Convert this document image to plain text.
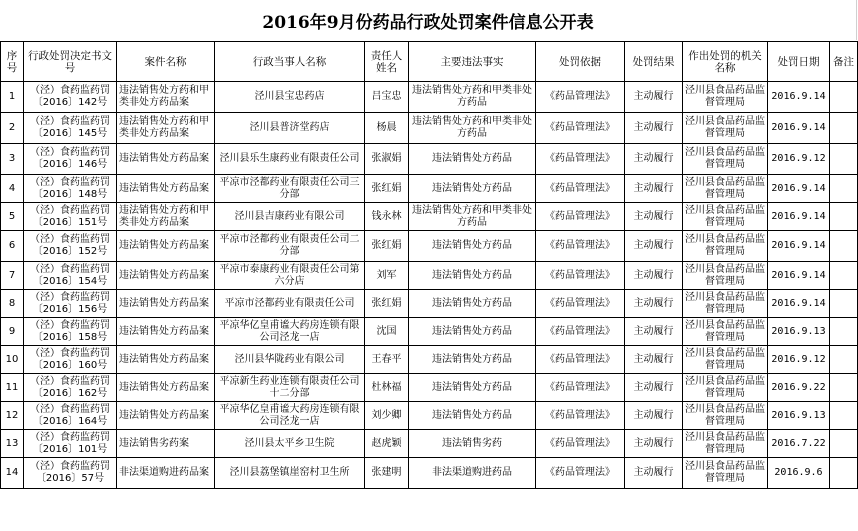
2016年9月份药品行政处罚案件信息公开表
序号	行政处罚决定书文号	案件名称	行政当事人名称	责任人姓名	主要违法事实	处罚依据	处罚结果	作出处罚的机关名称	处罚日期	备注
1	（泾）食药监药罚〔2016〕142号	违法销售处方药和甲类非处方药品案	泾川县宝忠药店	吕宝忠	违法销售处方药和甲类非处方药品	《药品管理法》	主动履行	泾川县食品药品监督管理局	2016.9.14	
2	（泾）食药监药罚〔2016〕145号	违法销售处方药和甲类非处方药品案	泾川县普济堂药店	杨晨	违法销售处方药和甲类非处方药品	《药品管理法》	主动履行	泾川县食品药品监督管理局	2016.9.14	
3	（泾）食药监药罚〔2016〕146号	违法销售处方药品案	泾川县乐生康药业有限责任公司	张淑娟	违法销售处方药品	《药品管理法》	主动履行	泾川县食品药品监督管理局	2016.9.12	
4	（泾）食药监药罚〔2016〕148号	违法销售处方药品案	平凉市泾都药业有限责任公司三分部	张红娟	违法销售处方药品	《药品管理法》	主动履行	泾川县食品药品监督管理局	2016.9.14	
5	（泾）食药监药罚〔2016〕151号	违法销售处方药和甲类非处方药品案	泾川县吉康药业有限公司	钱永林	违法销售处方药和甲类非处方药品	《药品管理法》	主动履行	泾川县食品药品监督管理局	2016.9.14	
6	（泾）食药监药罚〔2016〕152号	违法销售处方药品案	平凉市泾都药业有限责任公司二分部	张红娟	违法销售处方药品	《药品管理法》	主动履行	泾川县食品药品监督管理局	2016.9.14	
7	（泾）食药监药罚〔2016〕154号	违法销售处方药品案	平凉市泰康药业有限责任公司第六分店	刘军	违法销售处方药品	《药品管理法》	主动履行	泾川县食品药品监督管理局	2016.9.14	
8	（泾）食药监药罚〔2016〕156号	违法销售处方药品案	平凉市泾都药业有限责任公司	张红娟	违法销售处方药品	《药品管理法》	主动履行	泾川县食品药品监督管理局	2016.9.14	
9	（泾）食药监药罚〔2016〕158号	违法销售处方药品案	平凉华亿皇甫谧大药房连锁有限公司泾龙一店	沈国	违法销售处方药品	《药品管理法》	主动履行	泾川县食品药品监督管理局	2016.9.13	
10	（泾）食药监药罚〔2016〕160号	违法销售处方药品案	泾川县华陇药业有限公司	王春平	违法销售处方药品	《药品管理法》	主动履行	泾川县食品药品监督管理局	2016.9.12	
11	（泾）食药监药罚〔2016〕162号	违法销售处方药品案	平凉新生药业连锁有限责任公司十二分部	杜林福	违法销售处方药品	《药品管理法》	主动履行	泾川县食品药品监督管理局	2016.9.22	
12	（泾）食药监药罚〔2016〕164号	违法销售处方药品案	平凉华亿皇甫谧大药房连锁有限公司泾龙一店	刘少卿	违法销售处方药品	《药品管理法》	主动履行	泾川县食品药品监督管理局	2016.9.13	
13	（泾）食药监药罚〔2016〕101号	违法销售劣药案	泾川县太平乡卫生院	赵虎颖	违法销售劣药	《药品管理法》	主动履行	泾川县食品药品监督管理局	2016.7.22	
14	（泾）食药监药罚〔2016〕57号	非法渠道购进药品案	泾川县荔堡镇崖窑村卫生所	张建明	非法渠道购进药品	《药品管理法》	主动履行	泾川县食品药品监督管理局	2016.9.6	
